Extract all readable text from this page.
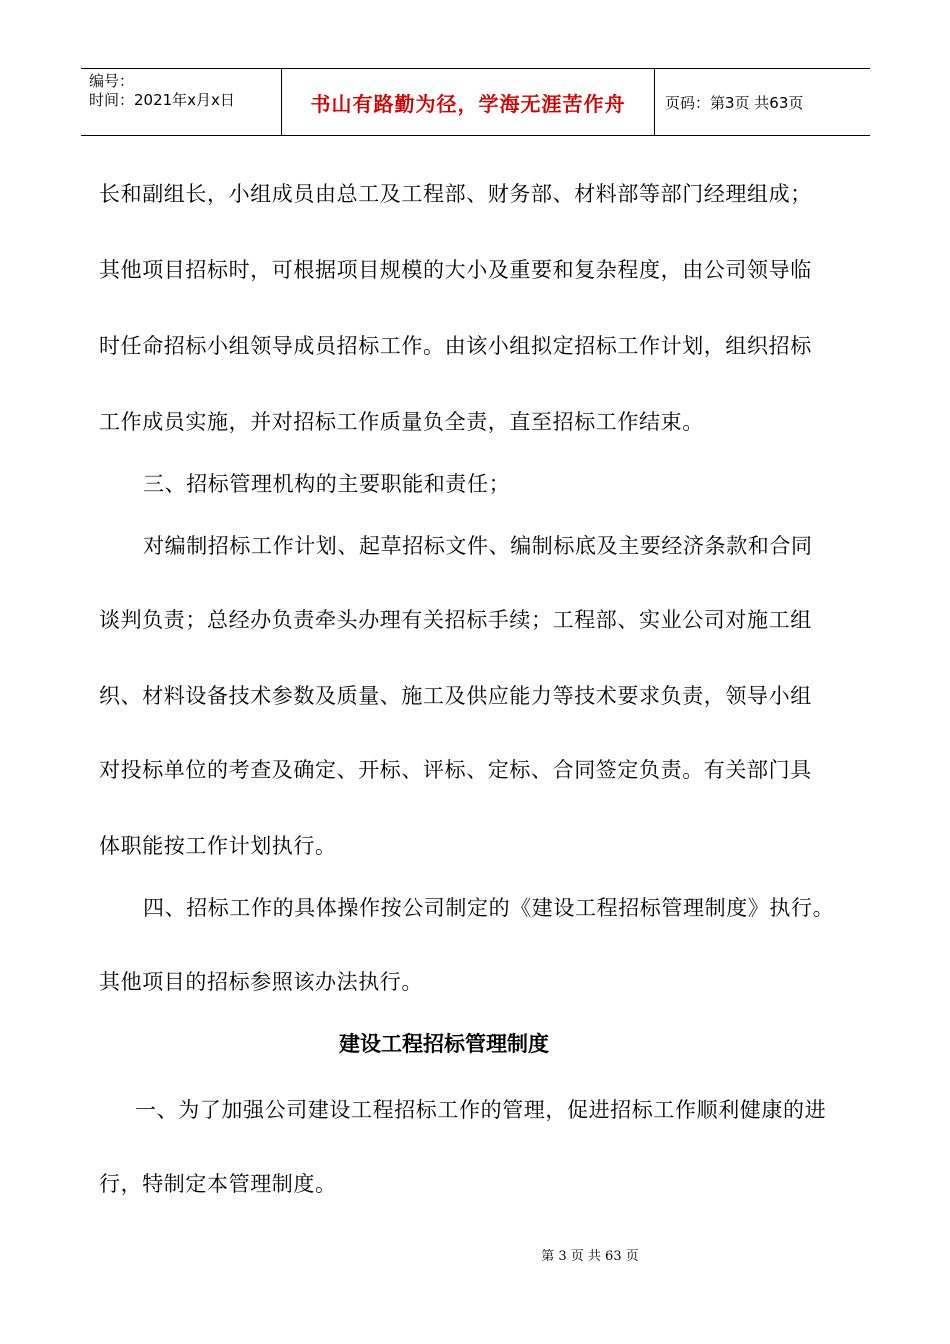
编号：
时间：2021年x月x日	书山有路勤为径，学海无涯苦作舟	页码：第3页 共63页
长和副组长，小组成员由总工及工程部、财务部、材料部等部门经理组成；
其他项目招标时，可根据项目规模的大小及重要和复杂程度，由公司领导临
时任命招标小组领导成员招标工作。由该小组拟定招标工作计划，组织招标
工作成员实施，并对招标工作质量负全责，直至招标工作结束。
三、招标管理机构的主要职能和责任；
对编制招标工作计划、起草招标文件、编制标底及主要经济条款和合同
谈判负责；总经办负责牵头办理有关招标手续；工程部、实业公司对施工组
织、材料设备技术参数及质量、施工及供应能力等技术要求负责，领导小组
对投标单位的考查及确定、开标、评标、定标、合同签定负责。有关部门具
体职能按工作计划执行。
四、招标工作的具体操作按公司制定的《建设工程招标管理制度》执行。
其他项目的招标参照该办法执行。
建设工程招标管理制度
一、为了加强公司建设工程招标工作的管理，促进招标工作顺利健康的进
行，特制定本管理制度。
第 3 页 共 63 页
